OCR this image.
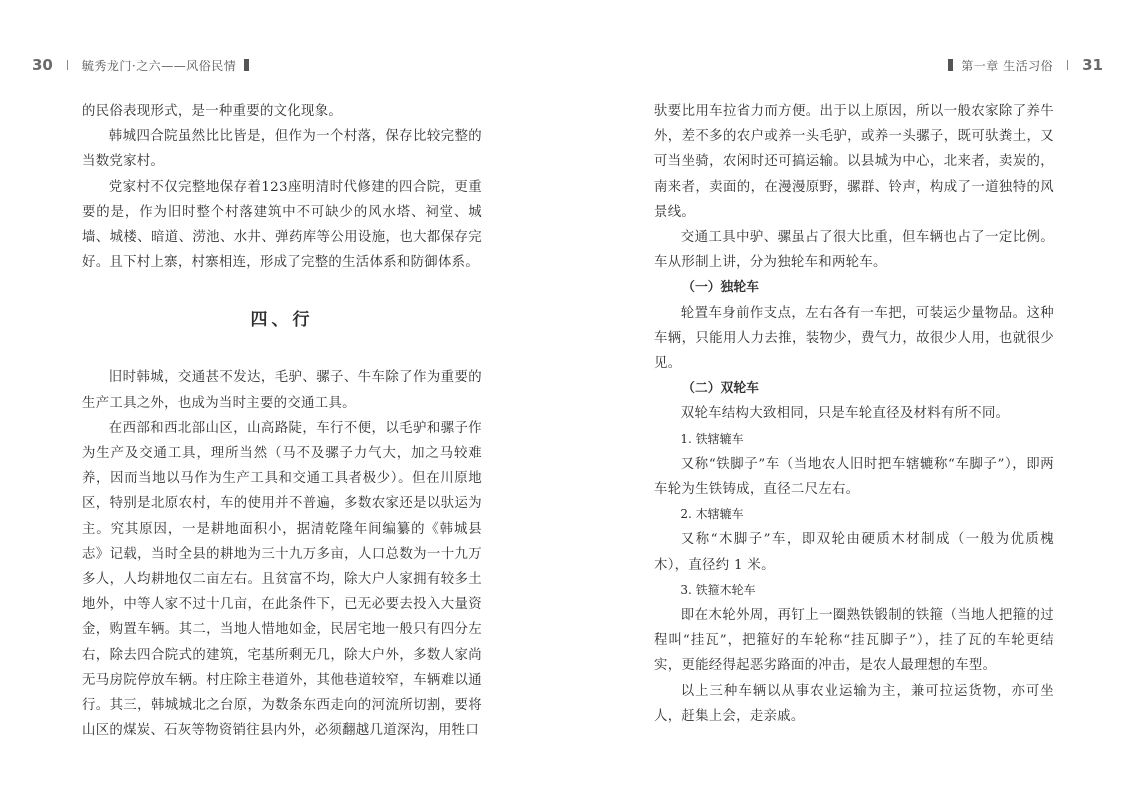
30 毓秀龙门·之六——风俗民情	第一章 生活习俗 31

的民俗表现形式，是一种重要的文化现象。

韩城四合院虽然比比皆是，但作为一个村落，保存比较完整的当数党家村。

党家村不仅完整地保存着123座明清时代修建的四合院，更重要的是，作为旧时整个村落建筑中不可缺少的风水塔、祠堂、城墙、城楼、暗道、涝池、水井、弹药库等公用设施，也大都保存完好。且下村上寨，村寨相连，形成了完整的生活体系和防御体系。

四、行

旧时韩城，交通甚不发达，毛驴、骡子、牛车除了作为重要的生产工具之外，也成为当时主要的交通工具。

在西部和西北部山区，山高路陡，车行不便，以毛驴和骡子作为生产及交通工具，理所当然（马不及骡子力气大，加之马较难养，因而当地以马作为生产工具和交通工具者极少）。但在川原地区，特别是北原农村，车的使用并不普遍，多数农家还是以驮运为主。究其原因，一是耕地面积小，据清乾隆年间编纂的《韩城县志》记载，当时全县的耕地为三十九万多亩，人口总数为一十九万多人，人均耕地仅二亩左右。且贫富不均，除大户人家拥有较多土地外，中等人家不过十几亩，在此条件下，已无必要去投入大量资金，购置车辆。其二，当地人惜地如金，民居宅地一般只有四分左右，除去四合院式的建筑，宅基所剩无几，除大户外，多数人家尚无马房院停放车辆。村庄除主巷道外，其他巷道较窄，车辆难以通行。其三，韩城城北之台原，为数条东西走向的河流所切割，要将山区的煤炭、石灰等物资销往县内外，必须翻越几道深沟，用牲口

驮要比用车拉省力而方便。出于以上原因，所以一般农家除了养牛外，差不多的农户或养一头毛驴，或养一头骡子，既可驮粪土，又可当坐骑，农闲时还可搞运输。以县城为中心，北来者，卖炭的，南来者，卖面的，在漫漫原野，骡群、铃声，构成了一道独特的风景线。

交通工具中驴、骡虽占了很大比重，但车辆也占了一定比例。车从形制上讲，分为独轮车和两轮车。

（一）独轮车

轮置车身前作支点，左右各有一车把，可装运少量物品。这种车辆，只能用人力去推，装物少，费气力，故很少人用，也就很少见。

（二）双轮车

双轮车结构大致相同，只是车轮直径及材料有所不同。

1. 铁辖辘车

又称“铁脚子”车（当地农人旧时把车辖辘称“车脚子”），即两车轮为生铁铸成，直径二尺左右。

2. 木辖辘车

又称“木脚子”车，即双轮由硬质木材制成（一般为优质槐木），直径约 1 米。

3. 铁箍木轮车

即在木轮外周，再钉上一圈熟铁锻制的铁箍（当地人把箍的过程叫“挂瓦”，把箍好的车轮称“挂瓦脚子”），挂了瓦的车轮更结实，更能经得起恶劣路面的冲击，是农人最理想的车型。

以上三种车辆以从事农业运输为主，兼可拉运货物，亦可坐人，赶集上会，走亲戚。
